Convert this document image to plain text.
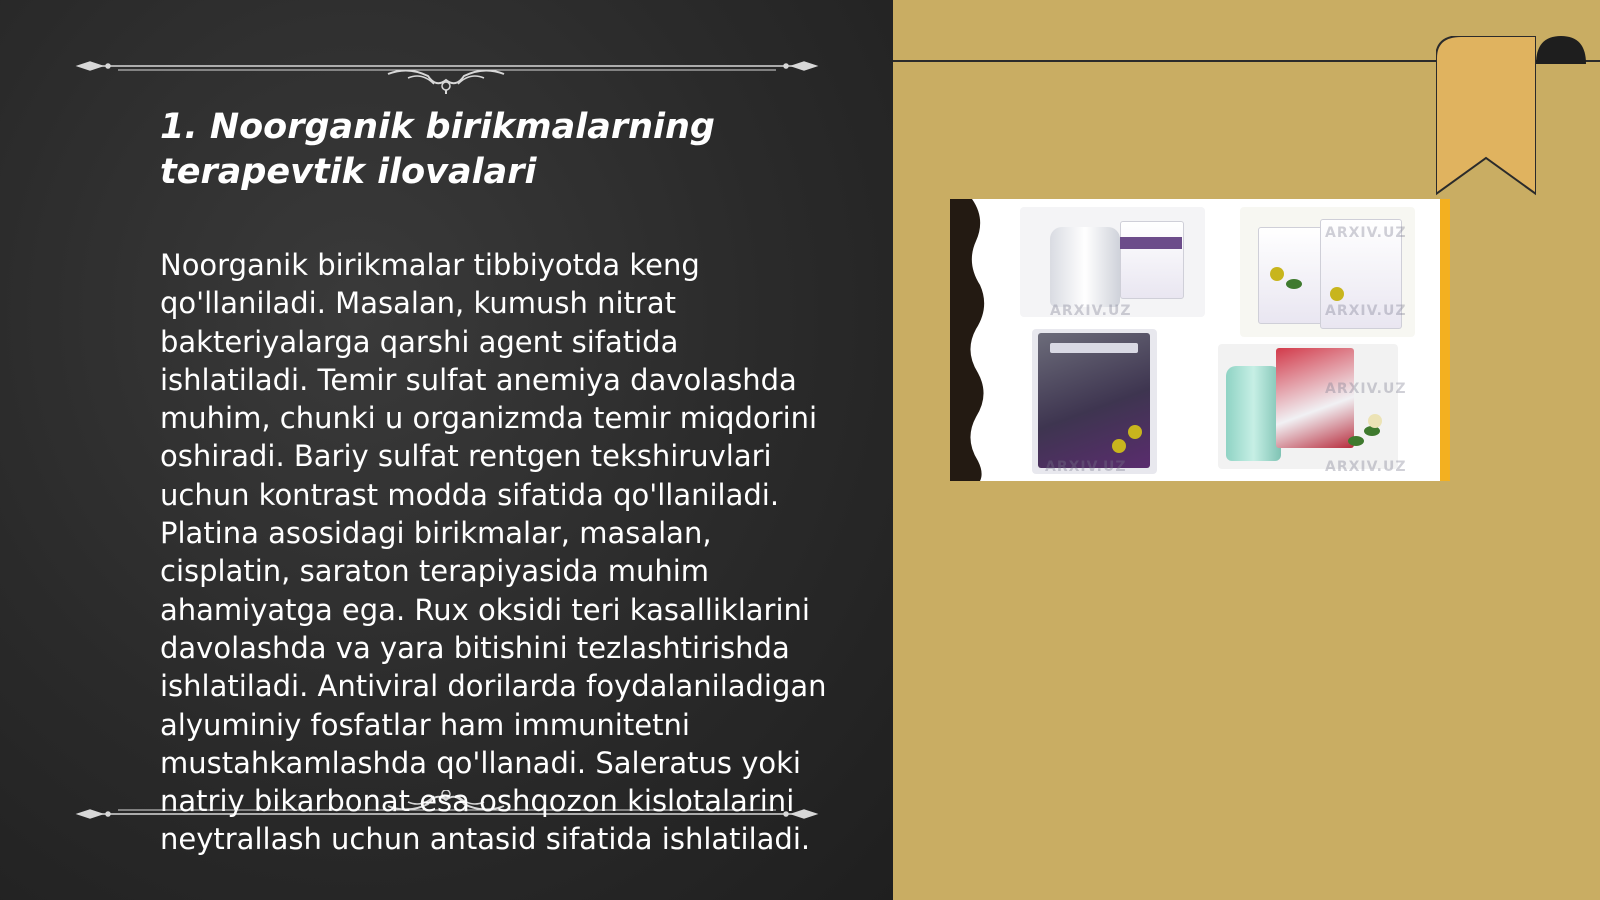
1. Noorganik birikmalarning terapevtik ilovalari

Noorganik birikmalar tibbiyotda keng qo'llaniladi. Masalan, kumush nitrat bakteriyalarga qarshi agent sifatida ishlatiladi. Temir sulfat anemiya davolashda muhim, chunki u organizmda temir miqdorini oshiradi. Bariy sulfat rentgen tekshiruvlari uchun kontrast modda sifatida qo'llaniladi. Platina asosidagi birikmalar, masalan, cisplatin, saraton terapiyasida muhim ahamiyatga ega. Rux oksidi teri kasalliklarini davolashda va yara bitishini tezlashtirishda ishlatiladi. Antiviral dorilarda foydalaniladigan alyuminiy fosfatlar ham immunitetni mustahkamlashda qo'llanadi. Saleratus yoki natriy bikarbonat esa oshqozon kislotalarini neytrallash uchun antasid sifatida ishlatiladi.

ARXIV.UZ
ARXIV.UZ	ARXIV.UZ
ARXIV.UZ
ARXIV.UZ	ARXIV.UZ
